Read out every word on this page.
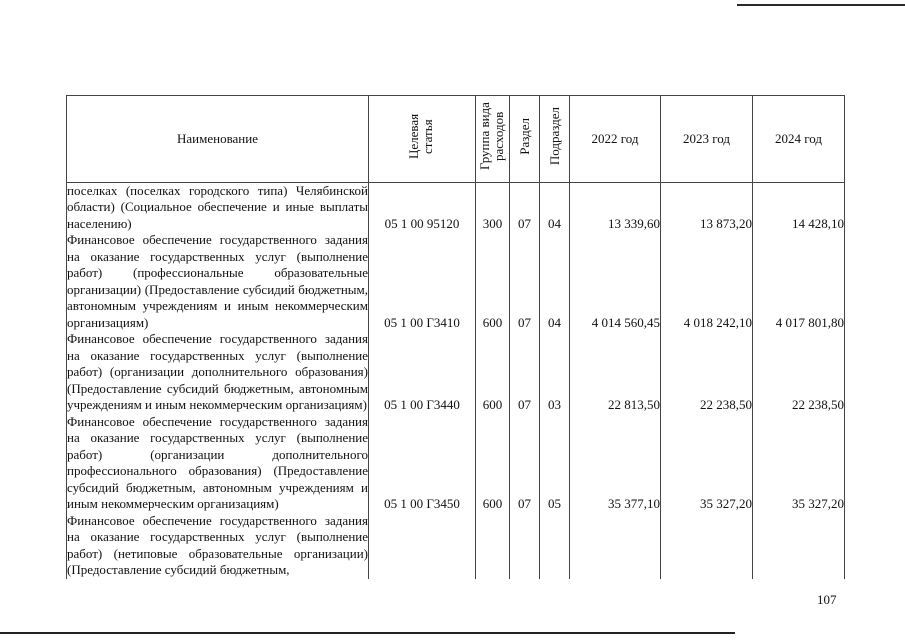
Наименование	Целевая статья	Группа вида расходов	Раздел	Подраздел	2022 год	2023 год	2024 год
поселках (поселках городского типа) Челябинской области) (Социальное обеспечение и иные выплаты населению)	05 1 00 95120	300	07	04	13 339,60	13 873,20	14 428,10
Финансовое обеспечение государственного задания на оказание государственных услуг (выполнение работ) (профессиональные образовательные организации) (Предоставление субсидий бюджетным, автономным учреждениям и иным некоммерческим организациям)	05 1 00 Г3410	600	07	04	4 014 560,45	4 018 242,10	4 017 801,80
Финансовое обеспечение государственного задания на оказание государственных услуг (выполнение работ) (организации дополнительного образования) (Предоставление субсидий бюджетным, автономным учреждениям и иным некоммерческим организациям)	05 1 00 Г3440	600	07	03	22 813,50	22 238,50	22 238,50
Финансовое обеспечение государственного задания на оказание государственных услуг (выполнение работ) (организации дополнительного профессионального образования) (Предоставление субсидий бюджетным, автономным учреждениям и иным некоммерческим организациям)	05 1 00 Г3450	600	07	05	35 377,10	35 327,20	35 327,20
Финансовое обеспечение государственного задания на оказание государственных услуг (выполнение работ) (нетиповые образовательные организации) (Предоставление субсидий бюджетным,							
107
